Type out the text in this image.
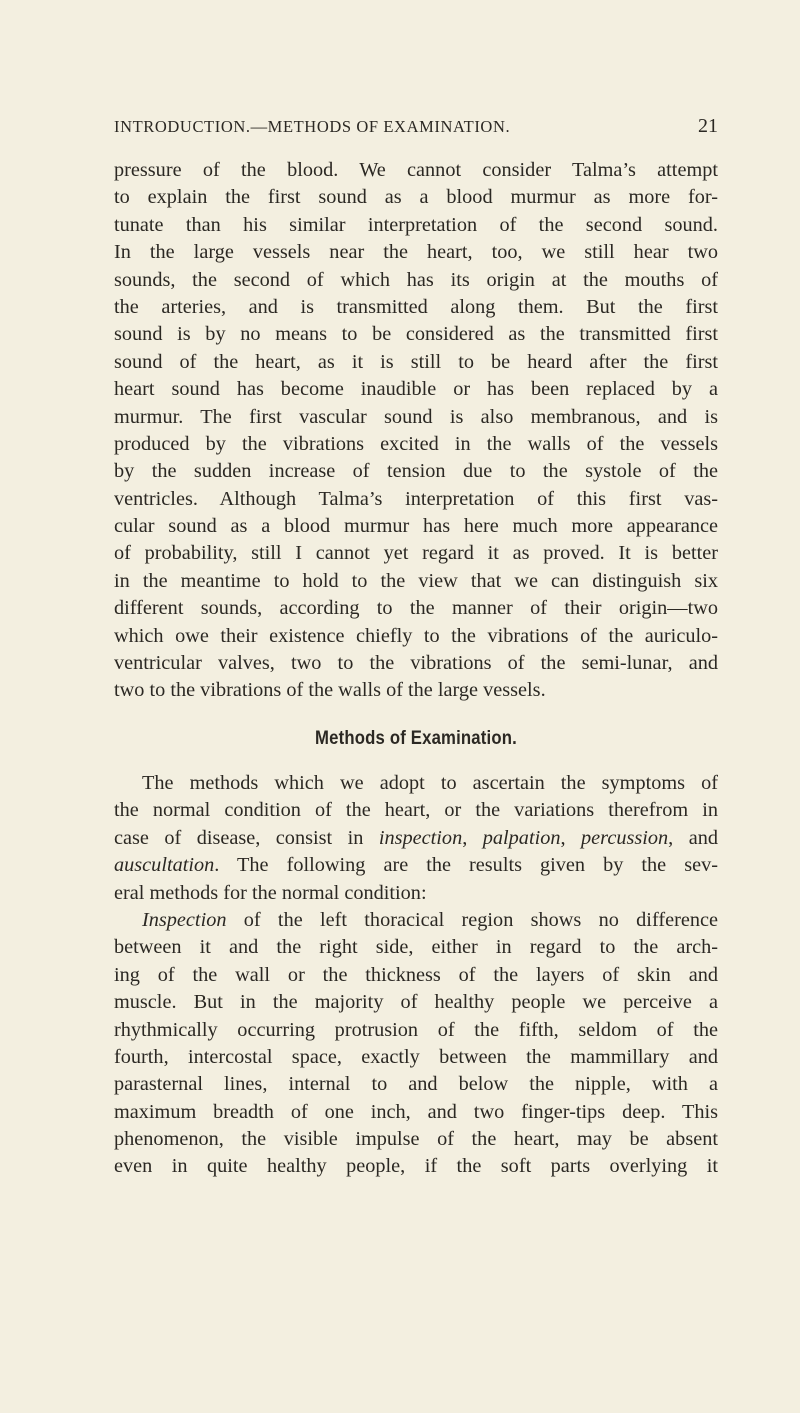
INTRODUCTION.—METHODS OF EXAMINATION.	21
pressure of the blood. We cannot consider Talma’s attempt
to explain the first sound as a blood murmur as more for-
tunate than his similar interpretation of the second sound.
In the large vessels near the heart, too, we still hear two
sounds, the second of which has its origin at the mouths of
the arteries, and is transmitted along them. But the first
sound is by no means to be considered as the transmitted first
sound of the heart, as it is still to be heard after the first
heart sound has become inaudible or has been replaced by a
murmur. The first vascular sound is also membranous, and is
produced by the vibrations excited in the walls of the vessels
by the sudden increase of tension due to the systole of the
ventricles. Although Talma’s interpretation of this first vas-
cular sound as a blood murmur has here much more appearance
of probability, still I cannot yet regard it as proved. It is better
in the meantime to hold to the view that we can distinguish six
different sounds, according to the manner of their origin—two
which owe their existence chiefly to the vibrations of the auriculo-
ventricular valves, two to the vibrations of the semi-lunar, and
two to the vibrations of the walls of the large vessels.
Methods of Examination.
The methods which we adopt to ascertain the symptoms of
the normal condition of the heart, or the variations therefrom in
case of disease, consist in inspection, palpation, percussion, and
auscultation. The following are the results given by the sev-
eral methods for the normal condition:
Inspection of the left thoracical region shows no difference
between it and the right side, either in regard to the arch-
ing of the wall or the thickness of the layers of skin and
muscle. But in the majority of healthy people we perceive a
rhythmically occurring protrusion of the fifth, seldom of the
fourth, intercostal space, exactly between the mammillary and
parasternal lines, internal to and below the nipple, with a
maximum breadth of one inch, and two finger-tips deep. This
phenomenon, the visible impulse of the heart, may be absent
even in quite healthy people, if the soft parts overlying it
